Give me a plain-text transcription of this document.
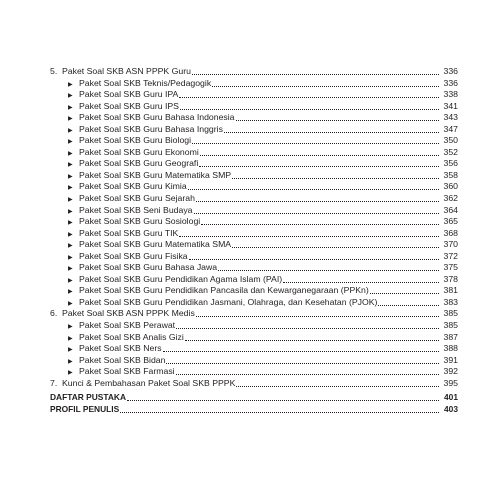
5. Paket Soal SKB ASN PPPK Guru	336
▶ Paket Soal SKB Teknis/Pedagogik	336
▶ Paket Soal SKB Guru IPA	338
▶ Paket Soal SKB Guru IPS	341
▶ Paket Soal SKB Guru Bahasa Indonesia	343
▶ Paket Soal SKB Guru Bahasa Inggris	347
▶ Paket Soal SKB Guru Biologi	350
▶ Paket Soal SKB Guru Ekonomi	352
▶ Paket Soal SKB Guru Geografi	356
▶ Paket Soal SKB Guru Matematika SMP	358
▶ Paket Soal SKB Guru Kimia	360
▶ Paket Soal SKB Guru Sejarah	362
▶ Paket Soal SKB Seni Budaya	364
▶ Paket Soal SKB Guru Sosiologi	365
▶ Paket Soal SKB Guru TIK	368
▶ Paket Soal SKB Guru Matematika SMA	370
▶ Paket Soal SKB Guru Fisika	372
▶ Paket Soal SKB Guru Bahasa Jawa	375
▶ Paket Soal SKB Guru Pendidikan Agama Islam (PAI)	378
▶ Paket Soal SKB Guru Pendidikan Pancasila dan Kewarganegaraan (PPKn)	381
▶ Paket Soal SKB Guru Pendidikan Jasmani, Olahraga, dan Kesehatan (PJOK)	383
6. Paket Soal SKB ASN PPPK Medis	385
▶ Paket Soal SKB Perawat	385
▶ Paket Soal SKB Analis Gizi	387
▶ Paket Soal SKB Ners	388
▶ Paket Soal SKB Bidan	391
▶ Paket Soal SKB Farmasi	392
7. Kunci & Pembahasan Paket Soal SKB PPPK	395
DAFTAR PUSTAKA	401
PROFIL PENULIS	403
